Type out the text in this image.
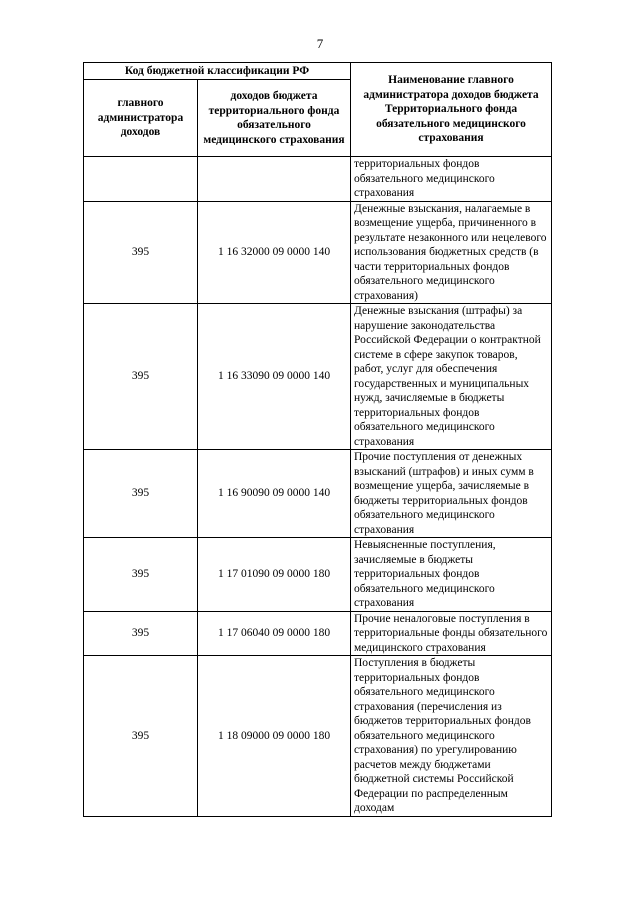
7
Код бюджетной классификации РФ		Наименование главного администратора доходов бюджета Территориального фонда обязательного медицинского страхования
главного администратора доходов	доходов бюджета территориального фонда обязательного медицинского страхования	
		территориальных фондов обязательного медицинского страхования
395	1 16 32000 09 0000 140	Денежные взыскания, налагаемые в возмещение ущерба, причиненного в результате незаконного или нецелевого использования бюджетных средств (в части территориальных фондов обязательного медицинского страхования)
395	1 16 33090 09 0000 140	Денежные взыскания (штрафы) за нарушение законодательства Российской Федерации о контрактной системе в сфере закупок товаров, работ, услуг для обеспечения государственных и муниципальных нужд, зачисляемые в бюджеты территориальных фондов обязательного медицинского страхования
395	1 16 90090 09 0000 140	Прочие поступления от денежных взысканий (штрафов) и иных сумм в возмещение ущерба, зачисляемые в бюджеты территориальных фондов обязательного медицинского страхования
395	1 17 01090 09 0000 180	Невыясненные поступления, зачисляемые в бюджеты территориальных фондов обязательного медицинского страхования
395	1 17 06040 09 0000 180	Прочие неналоговые поступления в территориальные фонды обязательного медицинского страхования
395	1 18 09000 09 0000 180	Поступления в бюджеты территориальных фондов обязательного медицинского страхования (перечисления из бюджетов территориальных фондов обязательного медицинского страхования) по урегулированию расчетов между бюджетами бюджетной системы Российской Федерации по распределенным доходам
